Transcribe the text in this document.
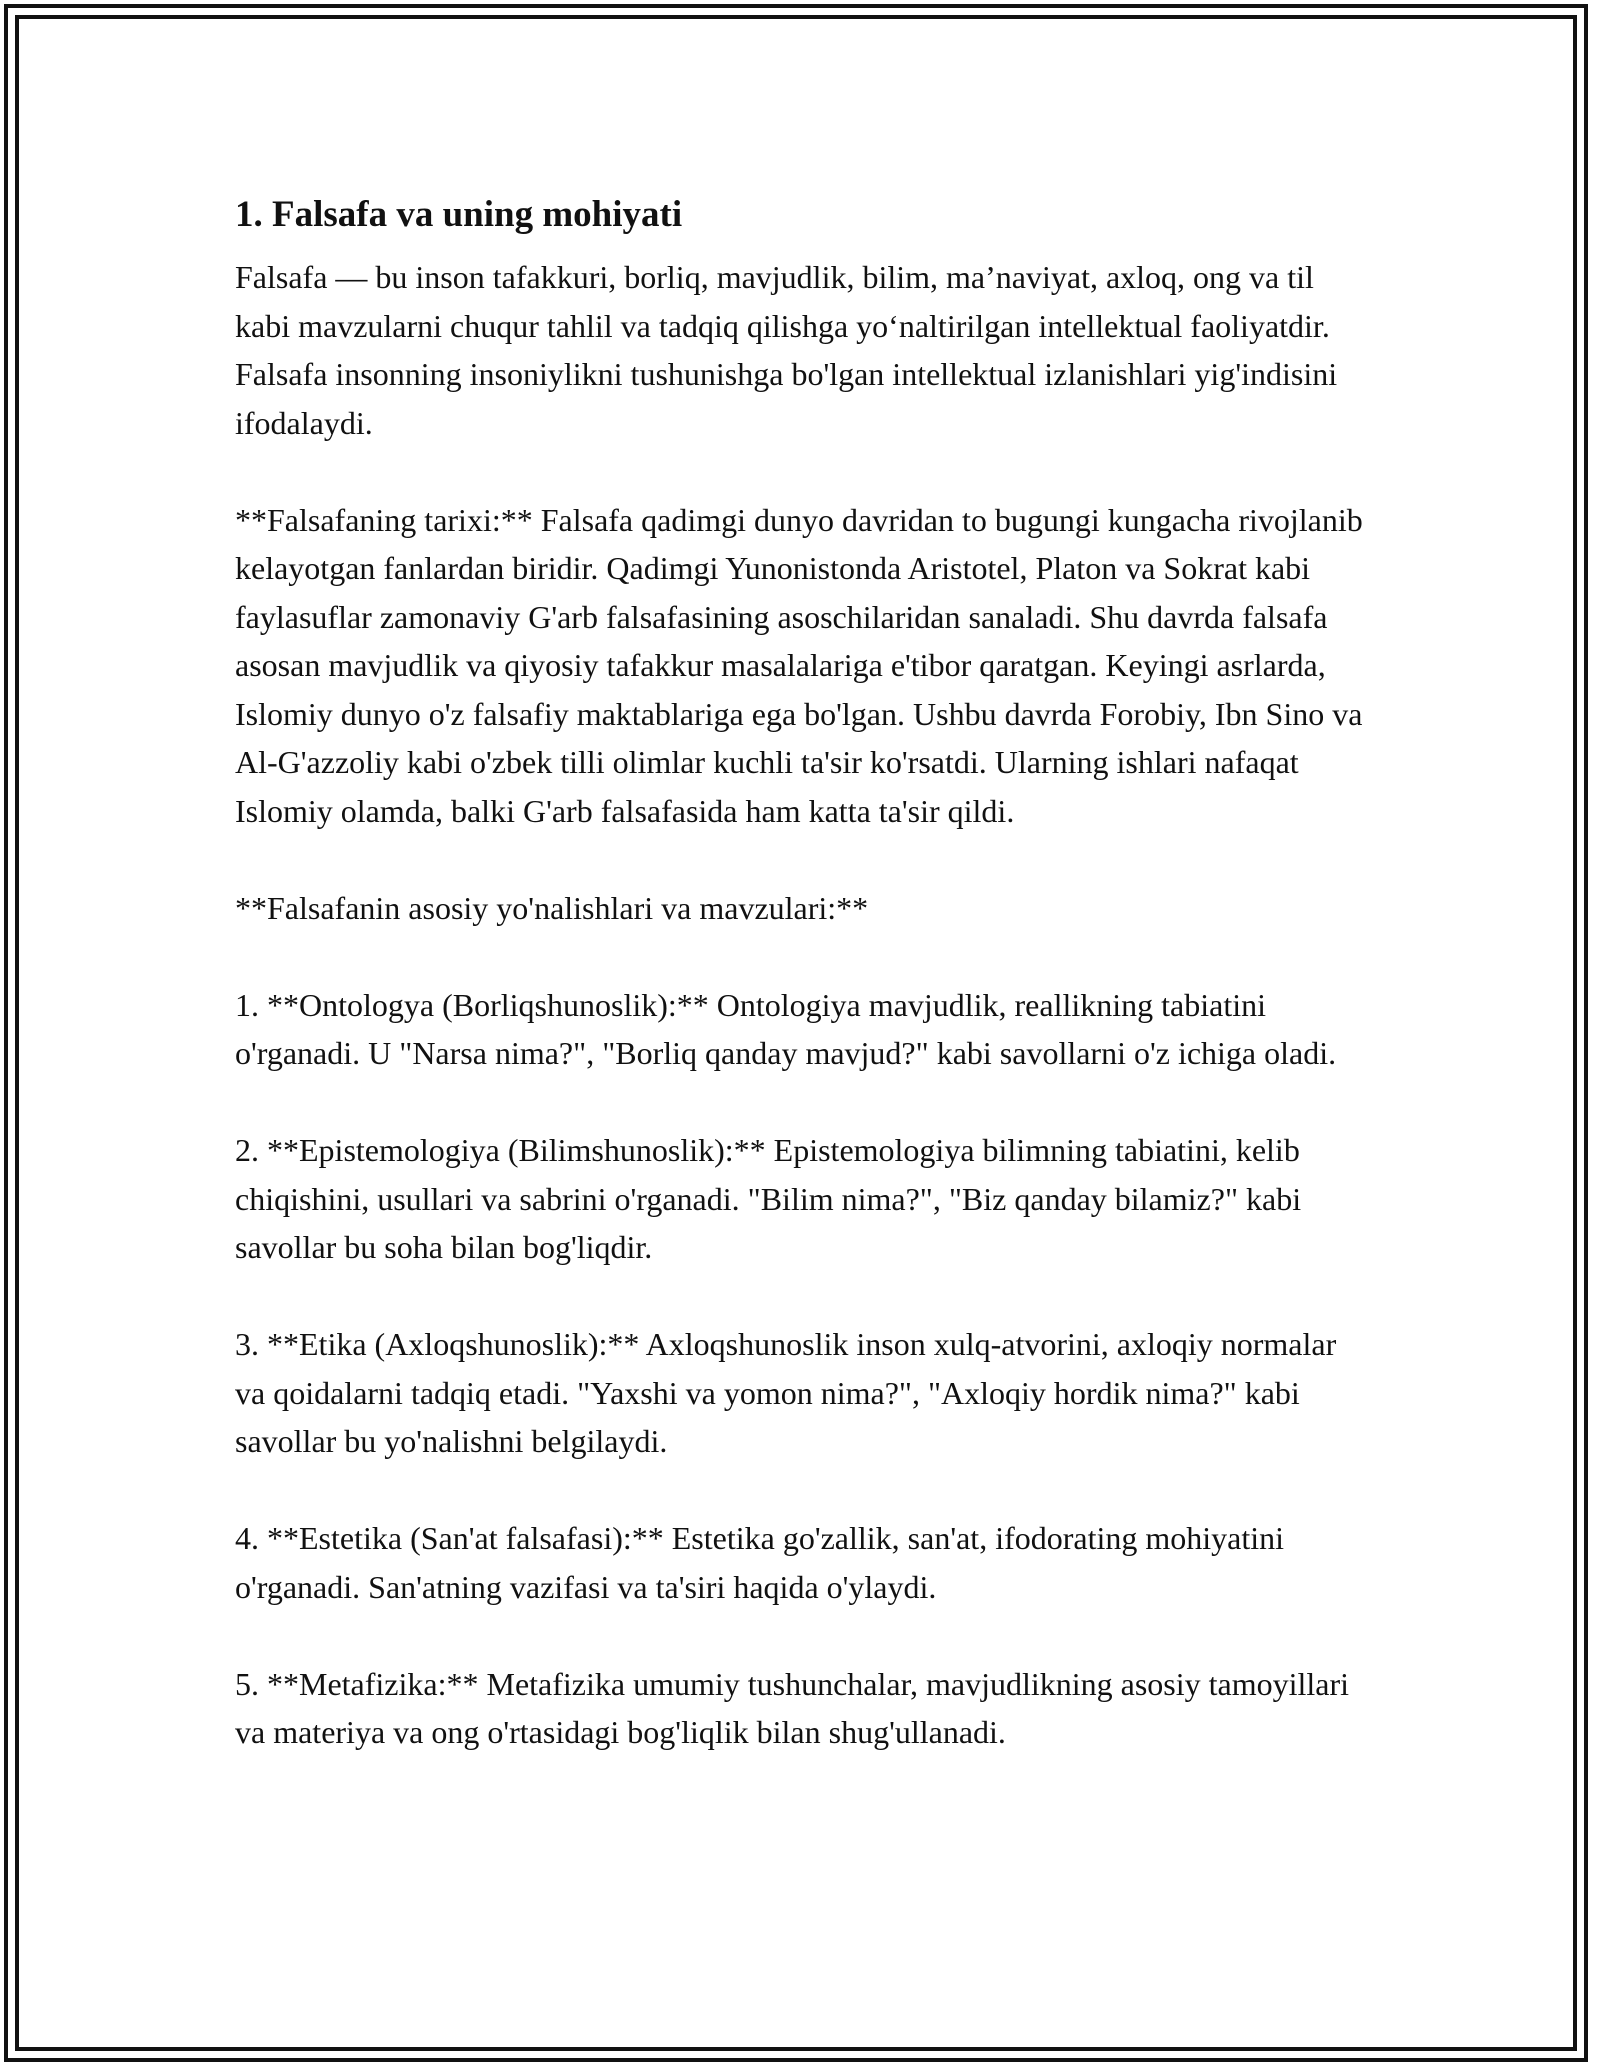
1. Falsafa va uning mohiyati

Falsafa — bu inson tafakkuri, borliq, mavjudlik, bilim, ma’naviyat, axloq, ong va til kabi mavzularni chuqur tahlil va tadqiq qilishga yo‘naltirilgan intellektual faoliyatdir. Falsafa insonning insoniylikni tushunishga bo'lgan intellektual izlanishlari yig'indisini ifodalaydi.

**Falsafaning tarixi:** Falsafa qadimgi dunyo davridan to bugungi kungacha rivojlanib kelayotgan fanlardan biridir. Qadimgi Yunonistonda Aristotel, Platon va Sokrat kabi faylasuflar zamonaviy G'arb falsafasining asoschilaridan sanaladi. Shu davrda falsafa asosan mavjudlik va qiyosiy tafakkur masalalariga e'tibor qaratgan. Keyingi asrlarda, Islomiy dunyo o'z falsafiy maktablariga ega bo'lgan. Ushbu davrda Forobiy, Ibn Sino va Al-G'azzoliy kabi o'zbek tilli olimlar kuchli ta'sir ko'rsatdi. Ularning ishlari nafaqat Islomiy olamda, balki G'arb falsafasida ham katta ta'sir qildi.

**Falsafanin asosiy yo'nalishlari va mavzulari:**

1. **Ontologya (Borliqshunoslik):** Ontologiya mavjudlik, reallikning tabiatini o'rganadi. U "Narsa nima?", "Borliq qanday mavjud?" kabi savollarni o'z ichiga oladi.

2. **Epistemologiya (Bilimshunoslik):** Epistemologiya bilimning tabiatini, kelib chiqishini, usullari va sabrini o'rganadi. "Bilim nima?", "Biz qanday bilamiz?" kabi savollar bu soha bilan bog'liqdir.

3. **Etika (Axloqshunoslik):** Axloqshunoslik inson xulq-atvorini, axloqiy normalar va qoidalarni tadqiq etadi. "Yaxshi va yomon nima?", "Axloqiy hordik nima?" kabi savollar bu yo'nalishni belgilaydi.

4. **Estetika (San'at falsafasi):** Estetika go'zallik, san'at, ifodorating mohiyatini o'rganadi. San'atning vazifasi va ta'siri haqida o'ylaydi.

5. **Metafizika:** Metafizika umumiy tushunchalar, mavjudlikning asosiy tamoyillari va materiya va ong o'rtasidagi bog'liqlik bilan shug'ullanadi.
